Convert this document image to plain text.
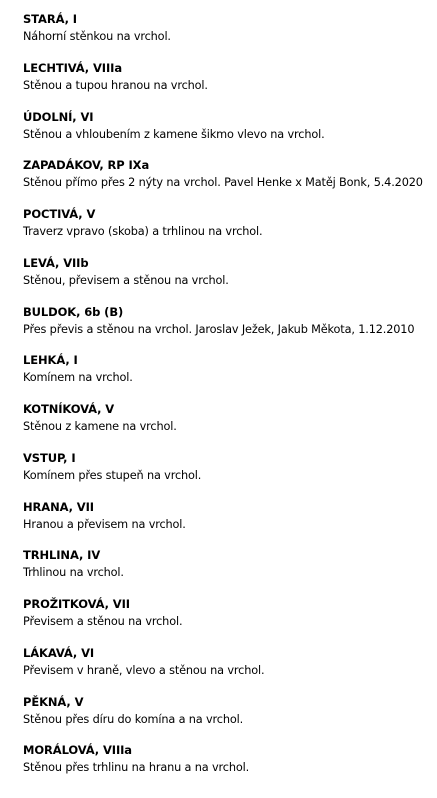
STARÁ, I
Náhorní stěnkou na vrchol.
LECHTIVÁ, VIIIa
Stěnou a tupou hranou na vrchol.
ÚDOLNÍ, VI
Stěnou a vhloubením z kamene šikmo vlevo na vrchol.
ZAPADÁKOV, RP IXa
Stěnou přímo přes 2 nýty na vrchol. Pavel Henke x Matěj Bonk, 5.4.2020
POCTIVÁ, V
Traverz vpravo (skoba) a trhlinou na vrchol.
LEVÁ, VIIb
Stěnou, převisem a stěnou na vrchol.
BULDOK, 6b (B)
Přes převis a stěnou na vrchol. Jaroslav Ježek, Jakub Měkota, 1.12.2010
LEHKÁ, I
Komínem na vrchol.
KOTNÍKOVÁ, V
Stěnou z kamene na vrchol.
VSTUP, I
Komínem přes stupeň na vrchol.
HRANA, VII
Hranou a převisem na vrchol.
TRHLINA, IV
Trhlinou na vrchol.
PROŽITKOVÁ, VII
Převisem a stěnou na vrchol.
LÁKAVÁ, VI
Převisem v hraně, vlevo a stěnou na vrchol.
PĚKNÁ, V
Stěnou přes díru do komína a na vrchol.
MORÁLOVÁ, VIIIa
Stěnou přes trhlinu na hranu a na vrchol.
